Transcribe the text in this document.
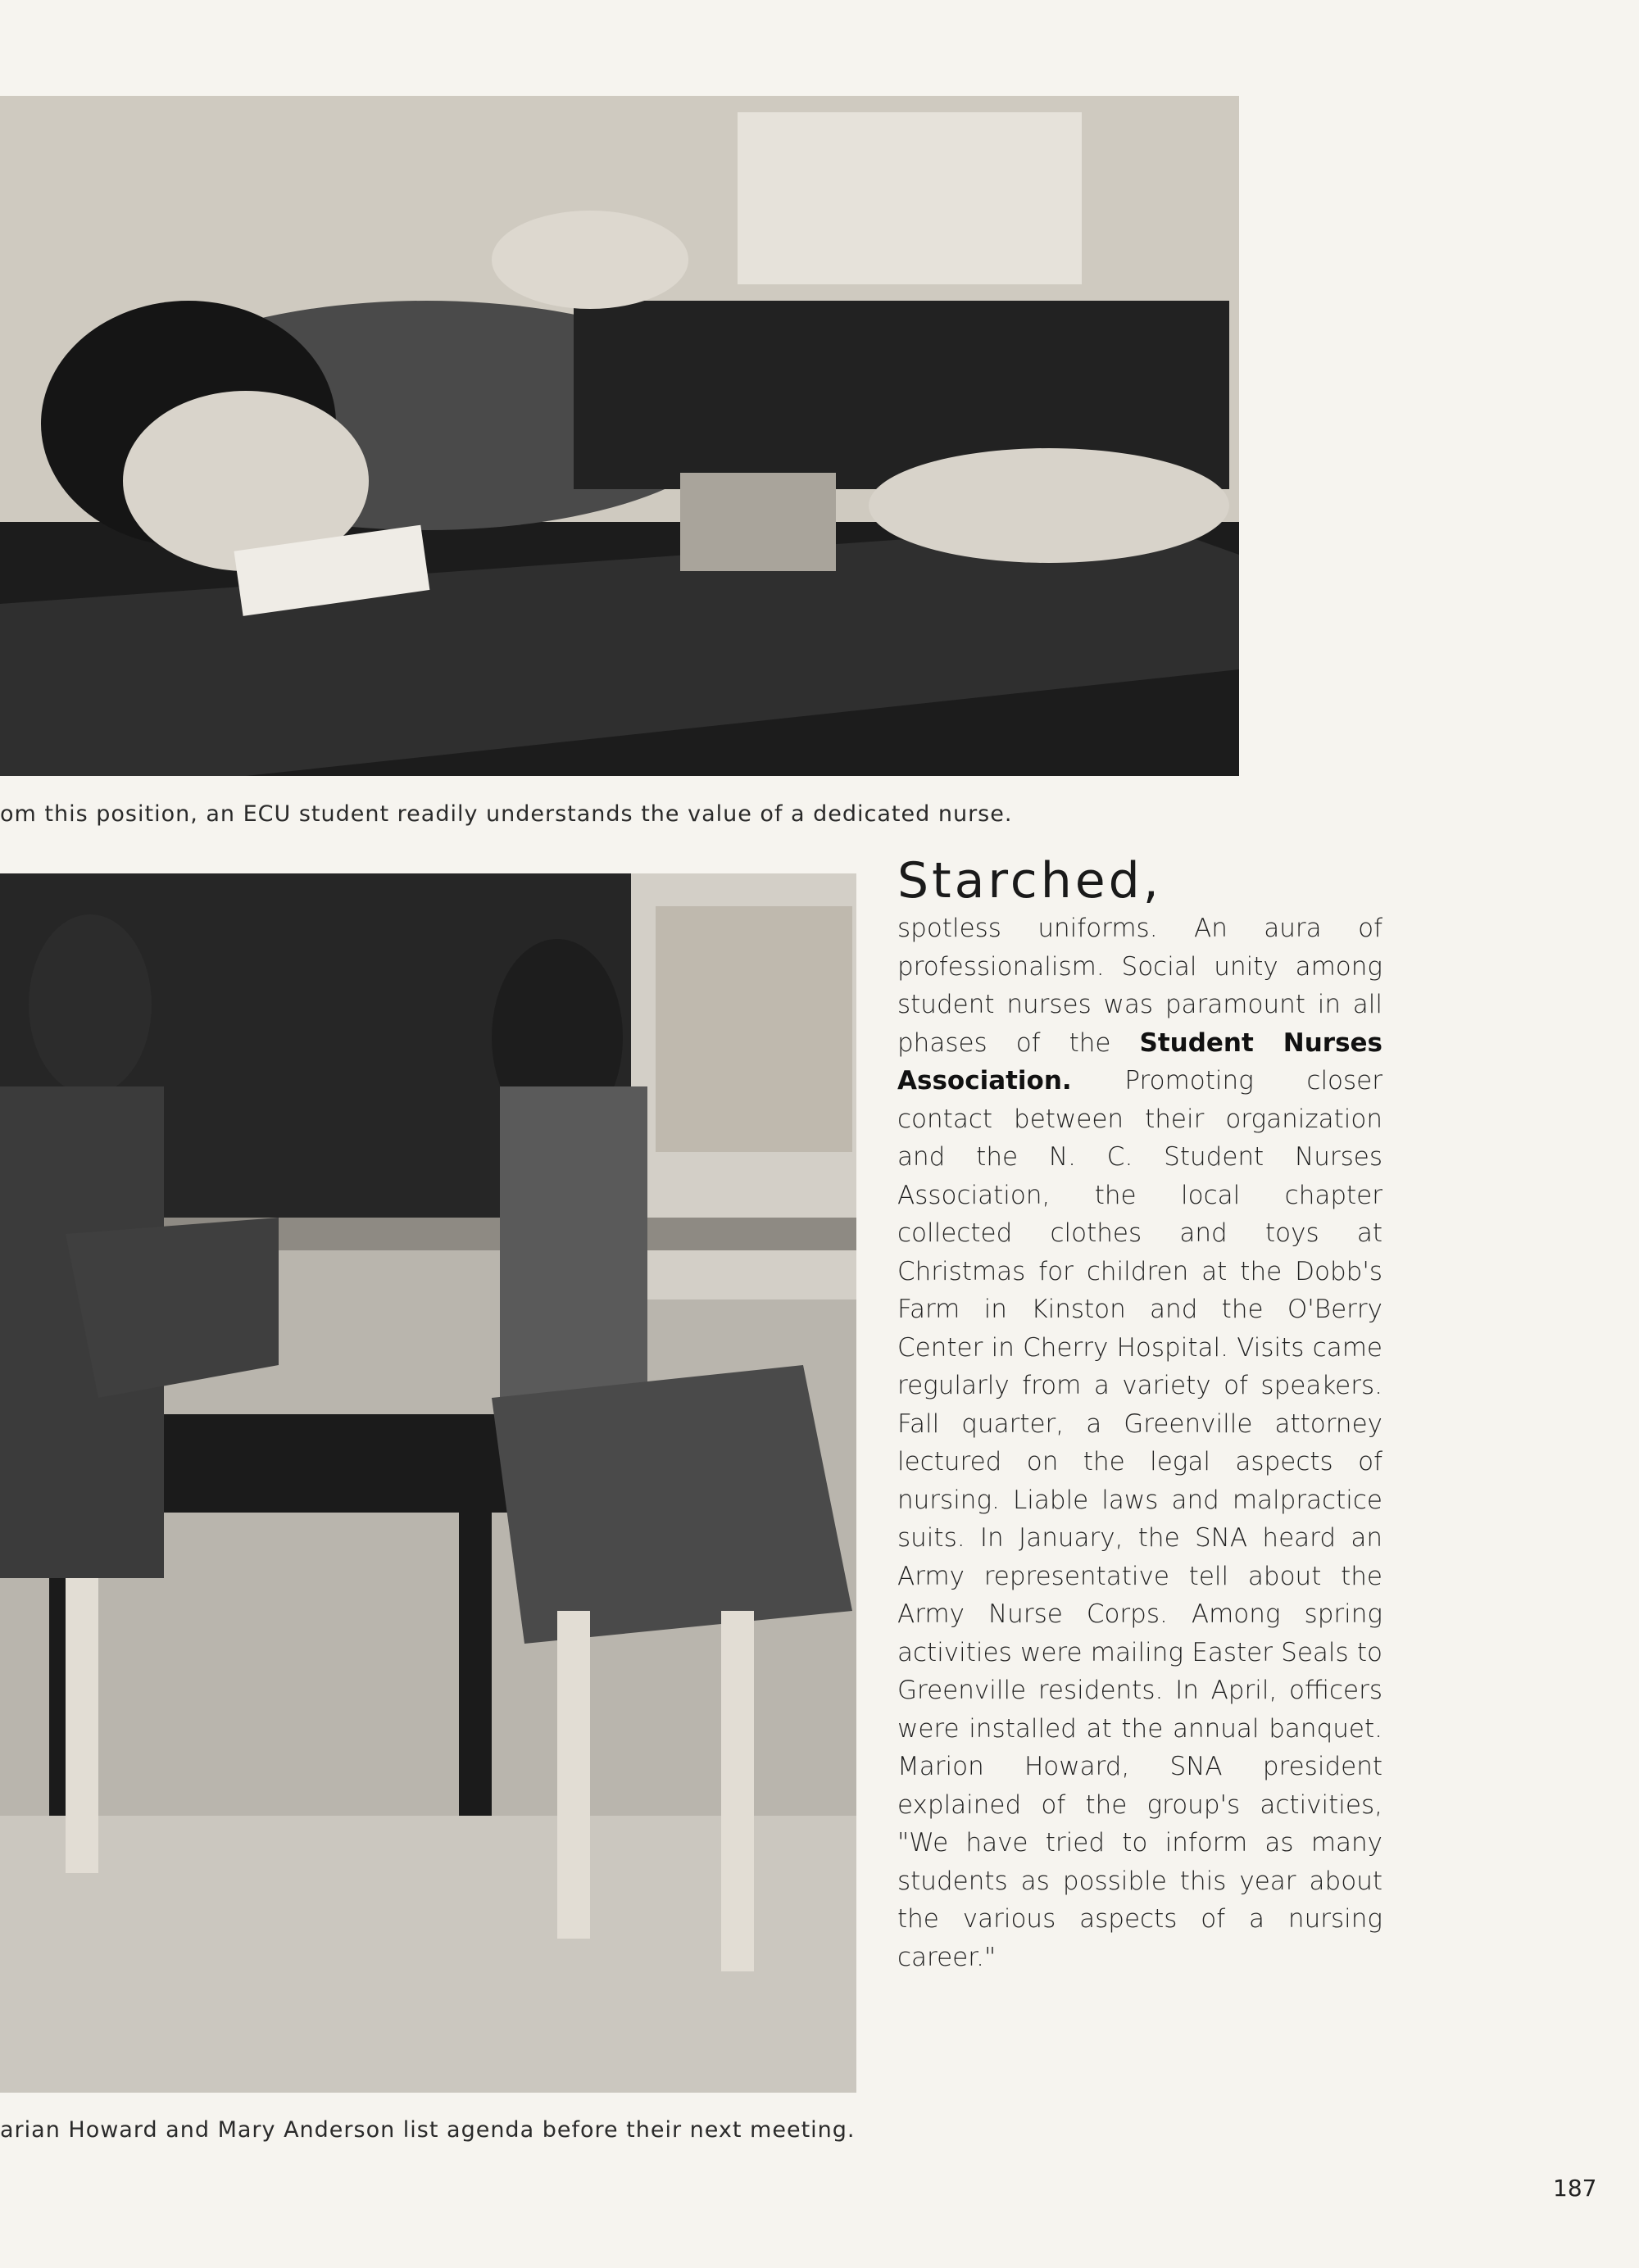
om this position, an ECU student readily understands the value of a dedicated nurse.
arian Howard and Mary Anderson list agenda before their next meeting.
Starched,
spotless uniforms. An aura of professionalism. Social unity among student nurses was paramount in all phases of the Student Nurses Association. Promoting closer contact between their organization and the N. C. Student Nurses Association, the local chapter collected clothes and toys at Christmas for children at the Dobb's Farm in Kinston and the O'Berry Center in Cherry Hospital. Visits came regularly from a variety of speakers. Fall quarter, a Greenville attorney lectured on the legal aspects of nursing. Liable laws and malpractice suits. In January, the SNA heard an Army representative tell about the Army Nurse Corps. Among spring activities were mailing Easter Seals to Greenville residents. In April, officers were installed at the annual banquet. Marion Howard, SNA president explained of the group's activities, "We have tried to inform as many students as possible this year about the various aspects of a nursing career."
187
